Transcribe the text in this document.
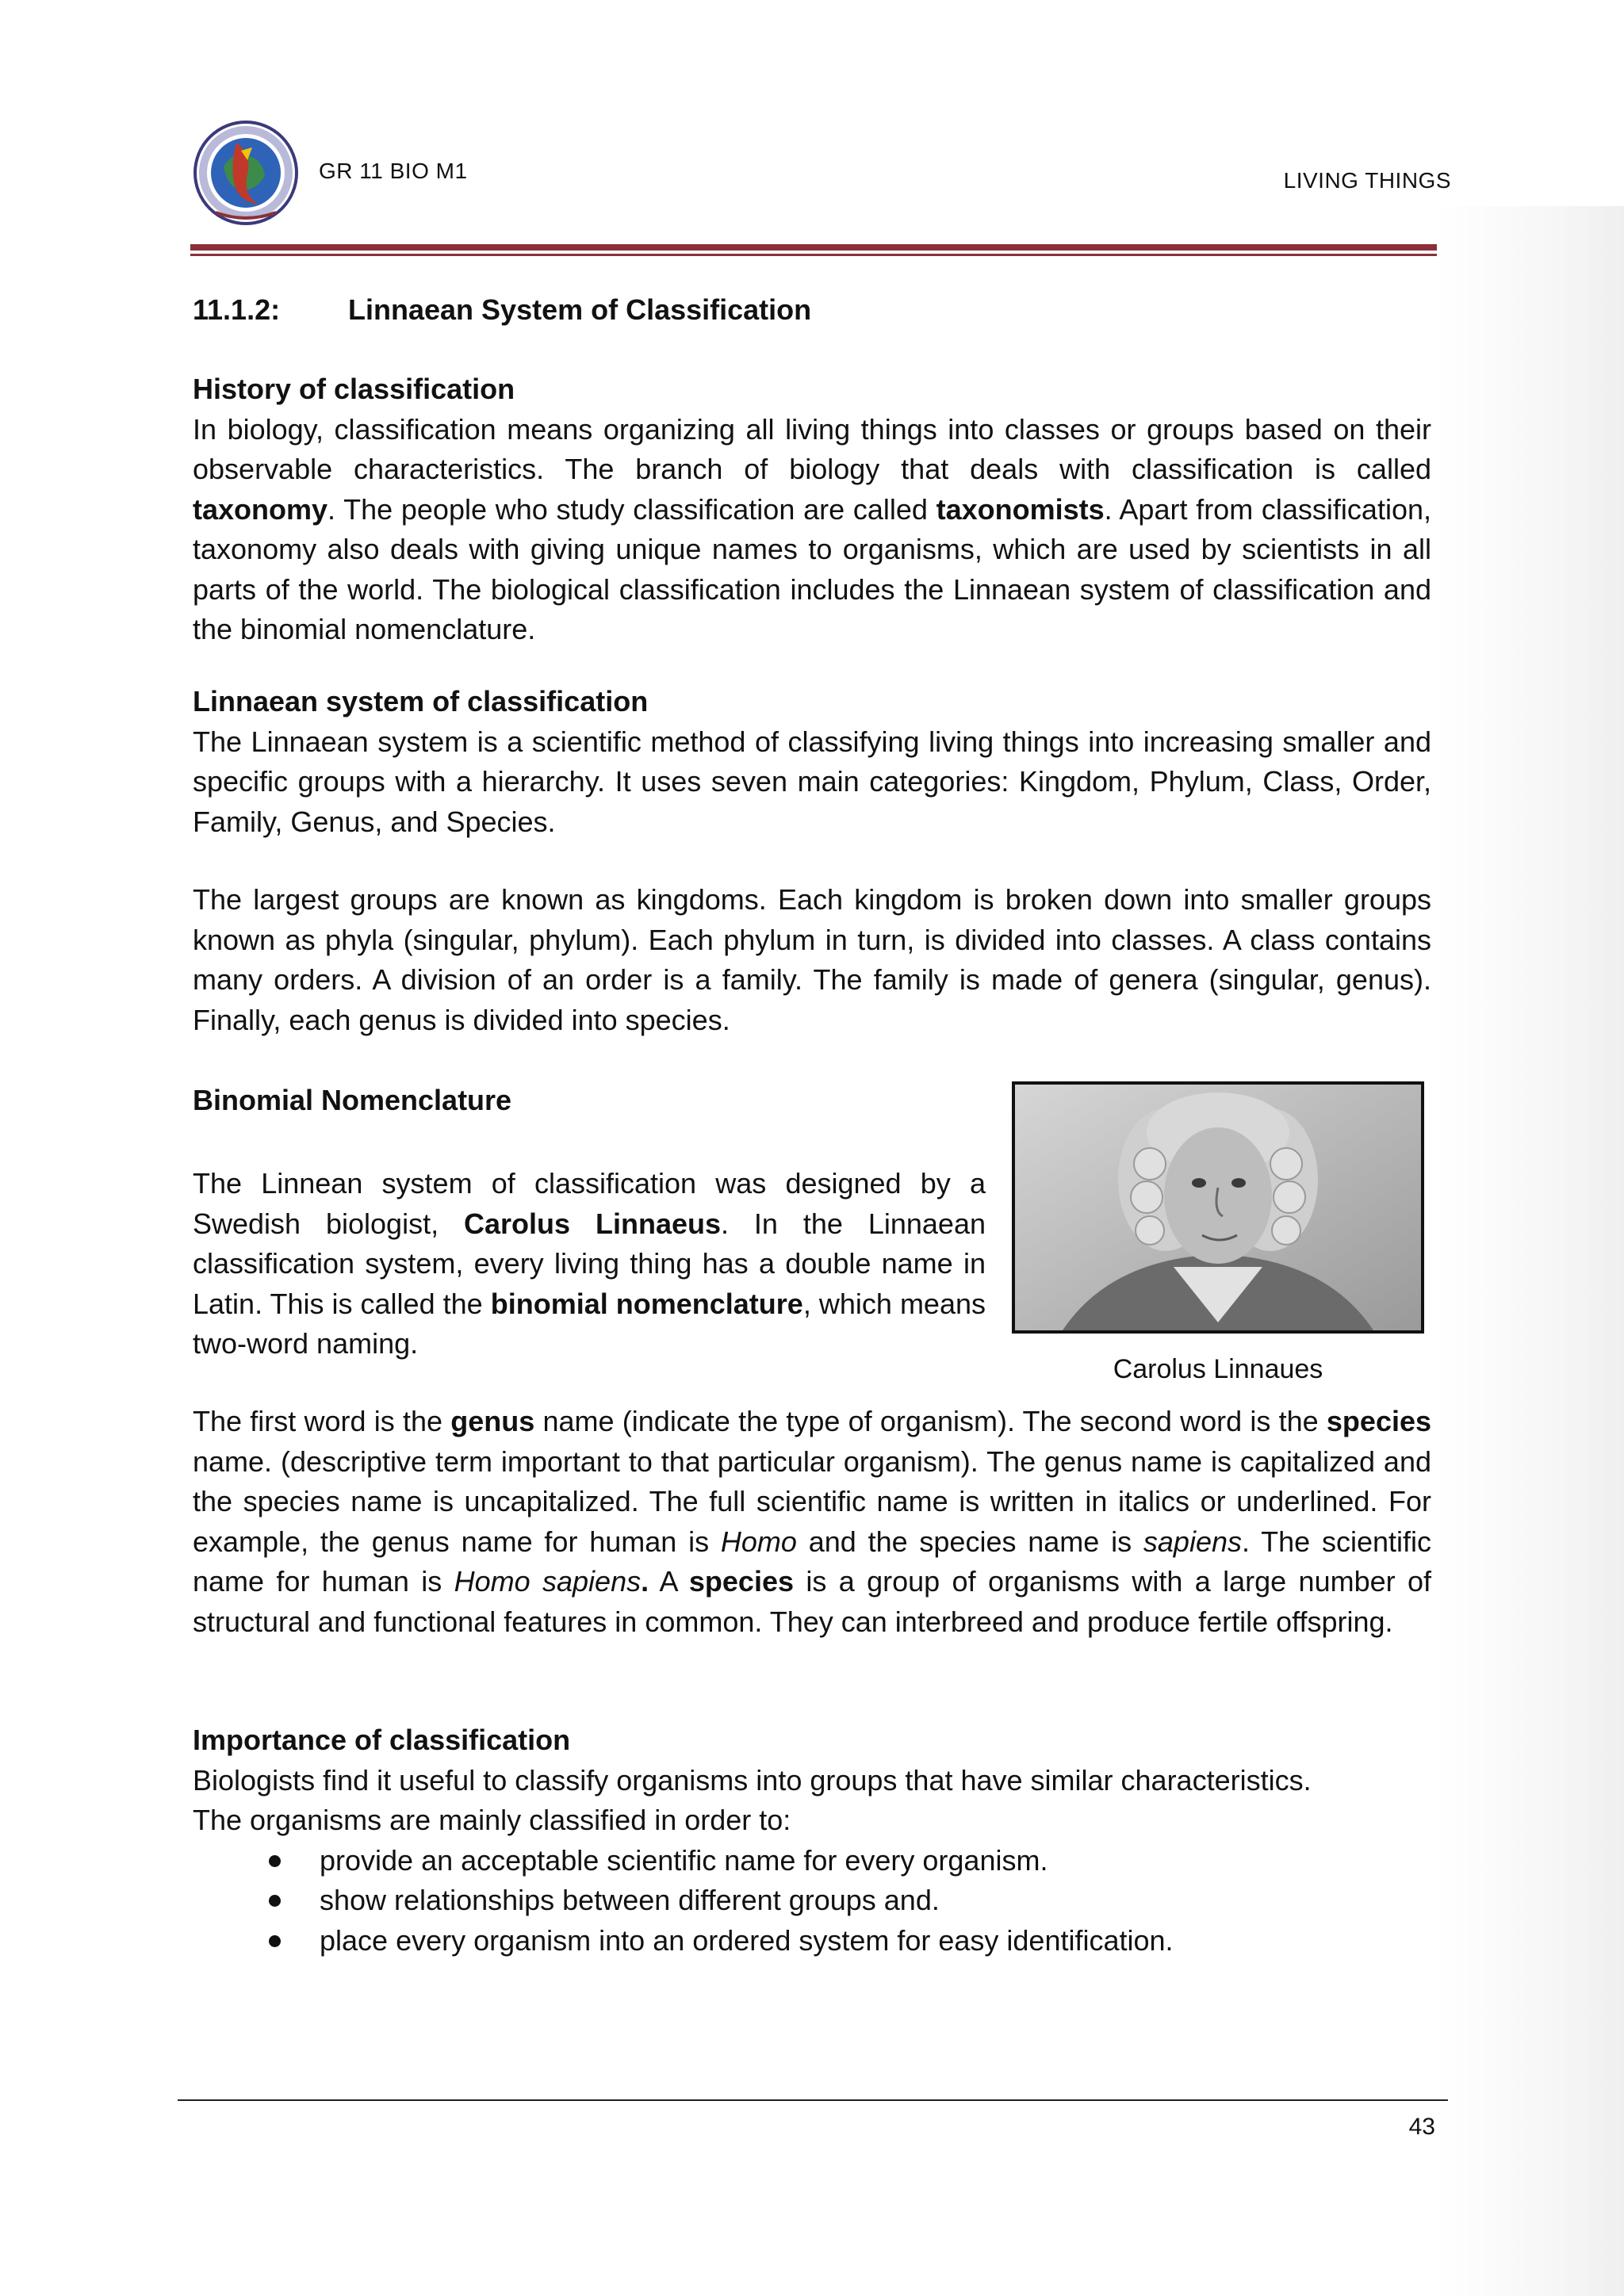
GR 11 BIO M1	LIVING THINGS
11.1.2: Linnaean System of Classification
History of classification

In biology, classification means organizing all living things into classes or groups based on their observable characteristics. The branch of biology that deals with classification is called taxonomy. The people who study classification are called taxonomists. Apart from classification, taxonomy also deals with giving unique names to organisms, which are used by scientists in all parts of the world. The biological classification includes the Linnaean system of classification and the binomial nomenclature.

Linnaean system of classification

The Linnaean system is a scientific method of classifying living things into increasing smaller and specific groups with a hierarchy. It uses seven main categories: Kingdom, Phylum, Class, Order, Family, Genus, and Species.

The largest groups are known as kingdoms. Each kingdom is broken down into smaller groups known as phyla (singular, phylum). Each phylum in turn, is divided into classes. A class contains many orders. A division of an order is a family. The family is made of genera (singular, genus). Finally, each genus is divided into species.

Binomial Nomenclature

The Linnean system of classification was designed by a Swedish biologist, Carolus Linnaeus. In the Linnaean classification system, every living thing has a double name in Latin. This is called the binomial nomenclature, which means two-word naming.

Carolus Linnaues

The first word is the genus name (indicate the type of organism). The second word is the species name. (descriptive term important to that particular organism). The genus name is capitalized and the species name is uncapitalized. The full scientific name is written in italics or underlined. For example, the genus name for human is Homo and the species name is sapiens. The scientific name for human is Homo sapiens. A species is a group of organisms with a large number of structural and functional features in common. They can interbreed and produce fertile offspring.

Importance of classification

Biologists find it useful to classify organisms into groups that have similar characteristics.

The organisms are mainly classified in order to:

provide an acceptable scientific name for every organism.
show relationships between different groups and.
place every organism into an ordered system for easy identification.
43
